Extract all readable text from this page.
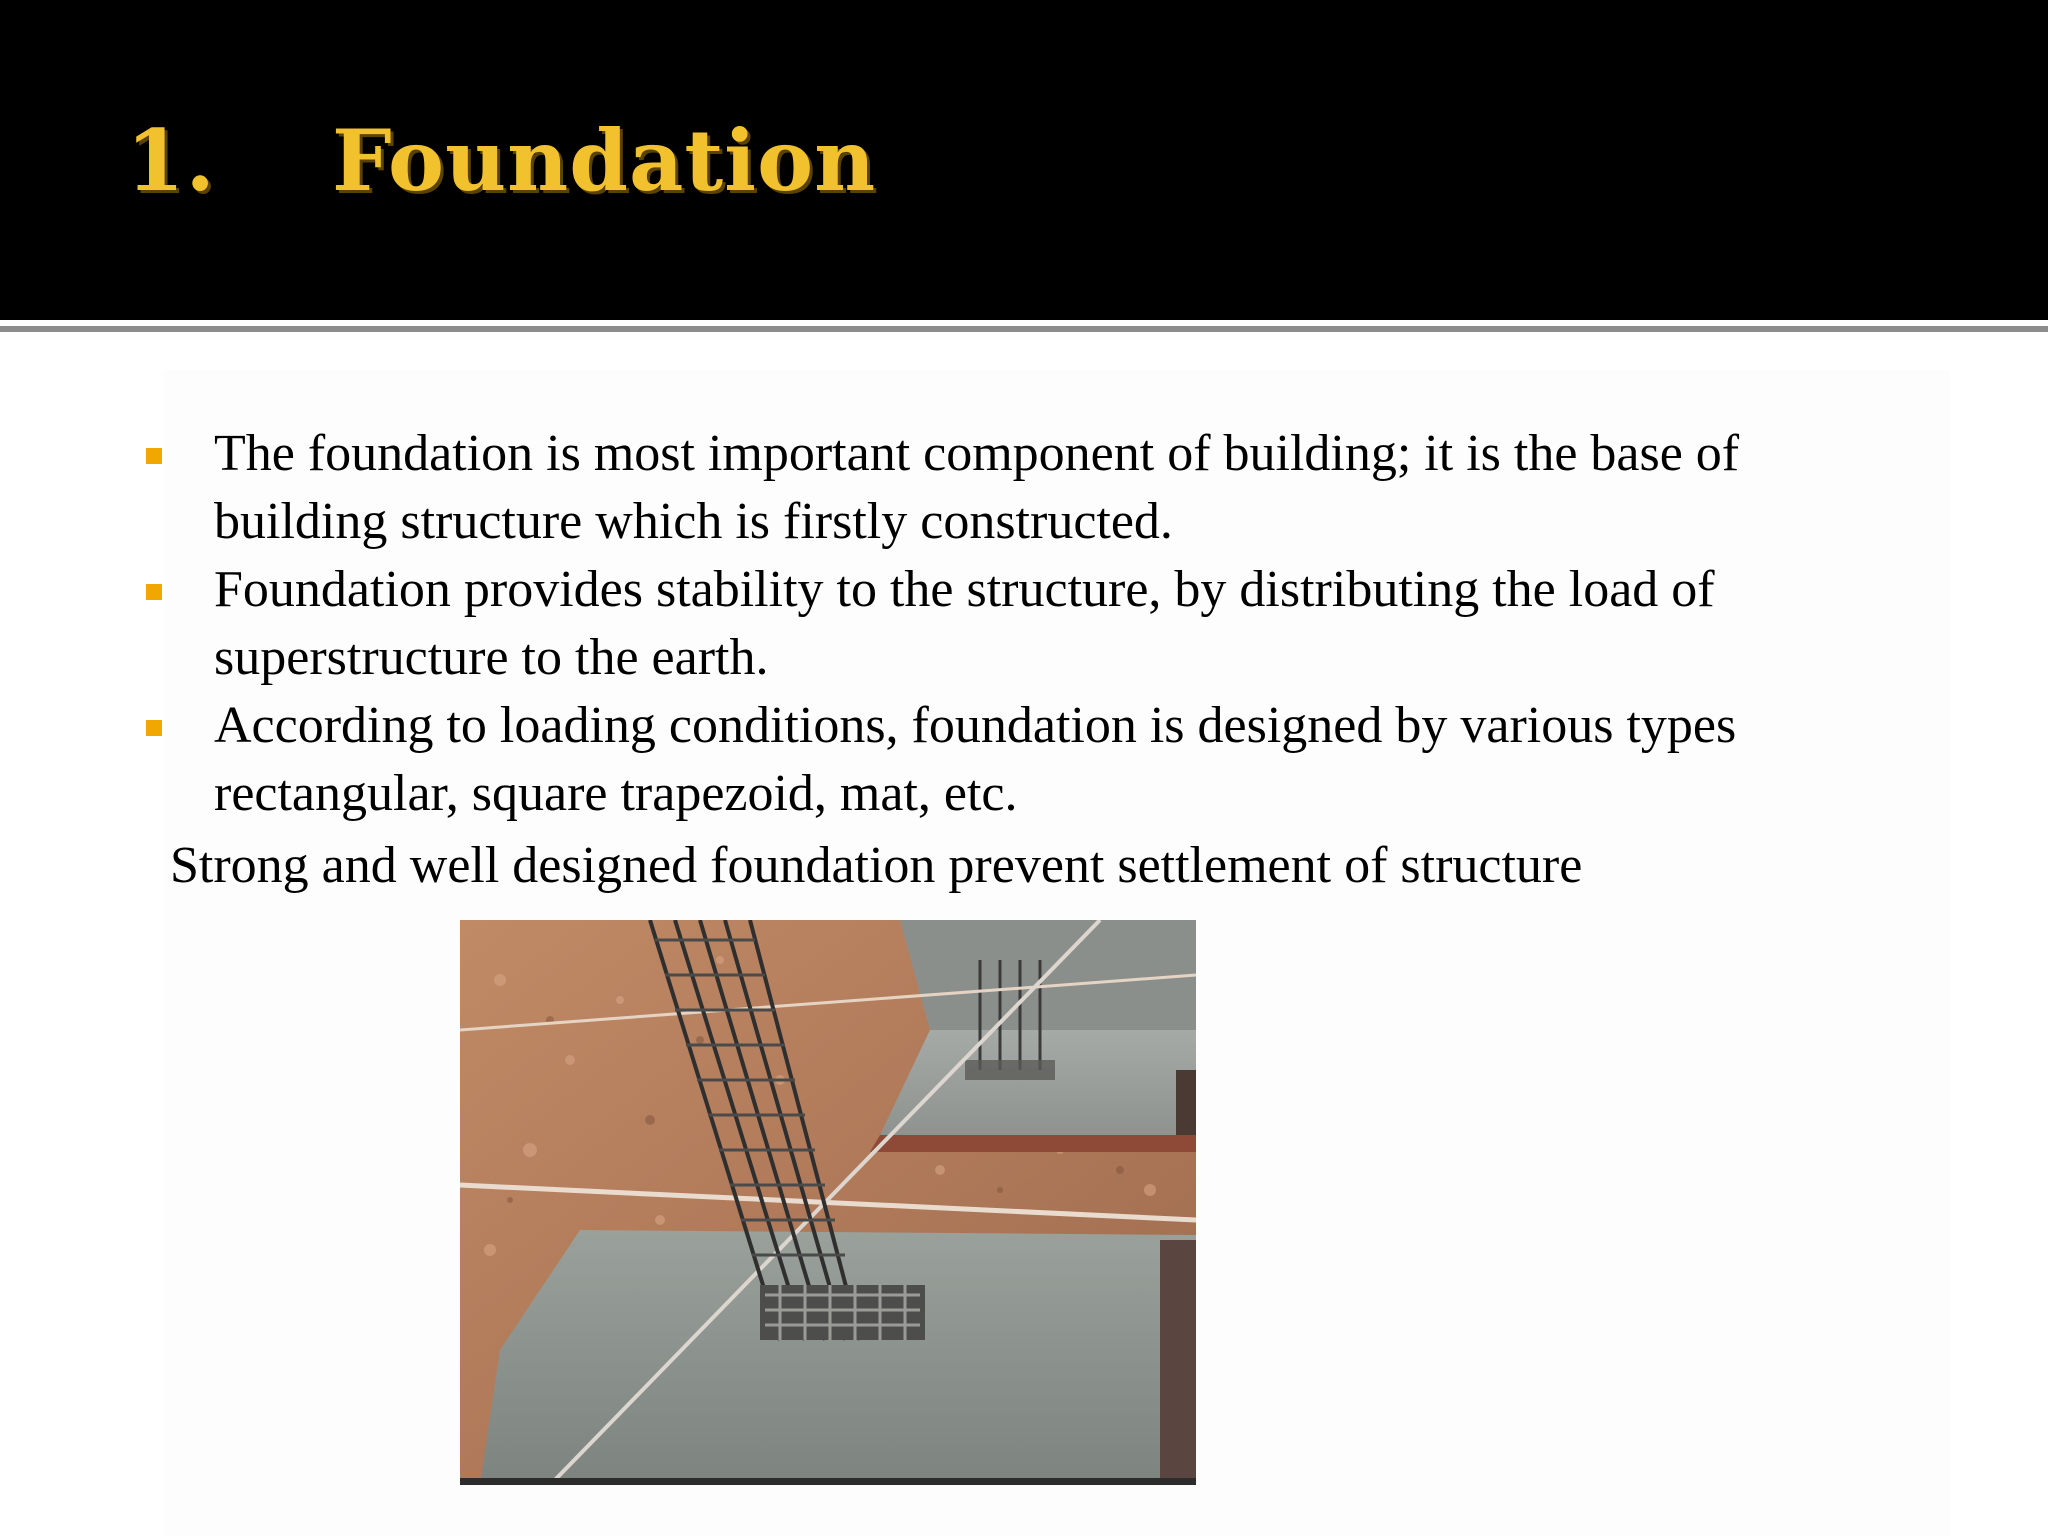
1.	Foundation
The foundation is most important component of building; it is the base of building structure which is firstly constructed.
Foundation provides stability to the structure, by distributing the load of superstructure to the earth.
According to loading conditions, foundation is designed by various types rectangular, square trapezoid, mat, etc.
Strong and well designed foundation prevent settlement of structure
